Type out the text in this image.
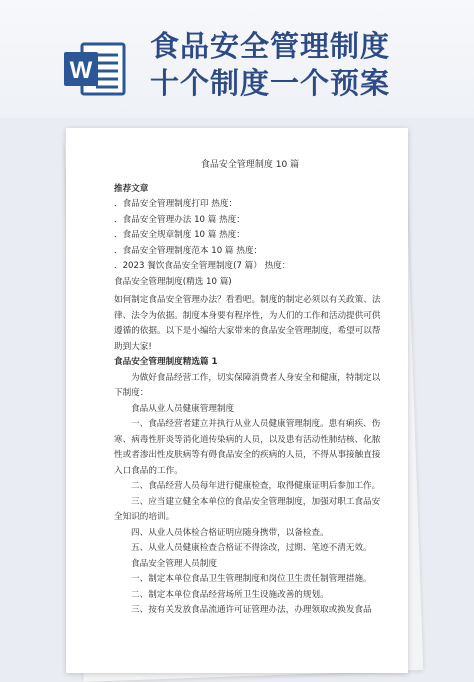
W
食品安全管理制度
十个制度一个预案
食品安全管理制度 10 篇
推荐文章
．食品安全管理制度打印 热度：
．食品安全管理办法 10 篇 热度：
．食品安全规章制度 10 篇 热度：
．食品安全管理制度范本 10 篇 热度：
．2023 餐饮食品安全管理制度(7 篇） 热度：
食品安全管理制度(精选 10 篇)
如何制定食品安全管理办法？看看吧。制度的制定必须以有关政策、法律、法令为依据。制度本身要有程序性，为人们的工作和活动提供可供遵循的依据。以下是小编给大家带来的食品安全管理制度，希望可以帮助到大家!
食品安全管理制度精选篇 1
为做好食品经营工作，切实保障消费者人身安全和健康，特制定以下制度：
食品从业人员健康管理制度
一、食品经营者建立并执行从业人员健康管理制度。患有痢疾、伤寒、病毒性肝炎等消化道传染病的人员，以及患有活动性肺结核、化脓性或者渗出性皮肤病等有碍食品安全的疾病的人员，不得从事接触直接入口食品的工作。
二、食品经营人员每年进行健康检查，取得健康证明后参加工作。
三、应当建立健全本单位的食品安全管理制度，加强对职工食品安全知识的培训。
四、从业人员体检合格证明应随身携带，以备检查。
五、从业人员健康检查合格证不得涂改，过期、笔迹不清无效。
食品安全管理人员制度
一、制定本单位食品卫生管理制度和岗位卫生责任制管理措施。
二、制定本单位食品经营场所卫生设施改善的规划。
三、按有关发放食品流通许可证管理办法，办理领取或换发食品
